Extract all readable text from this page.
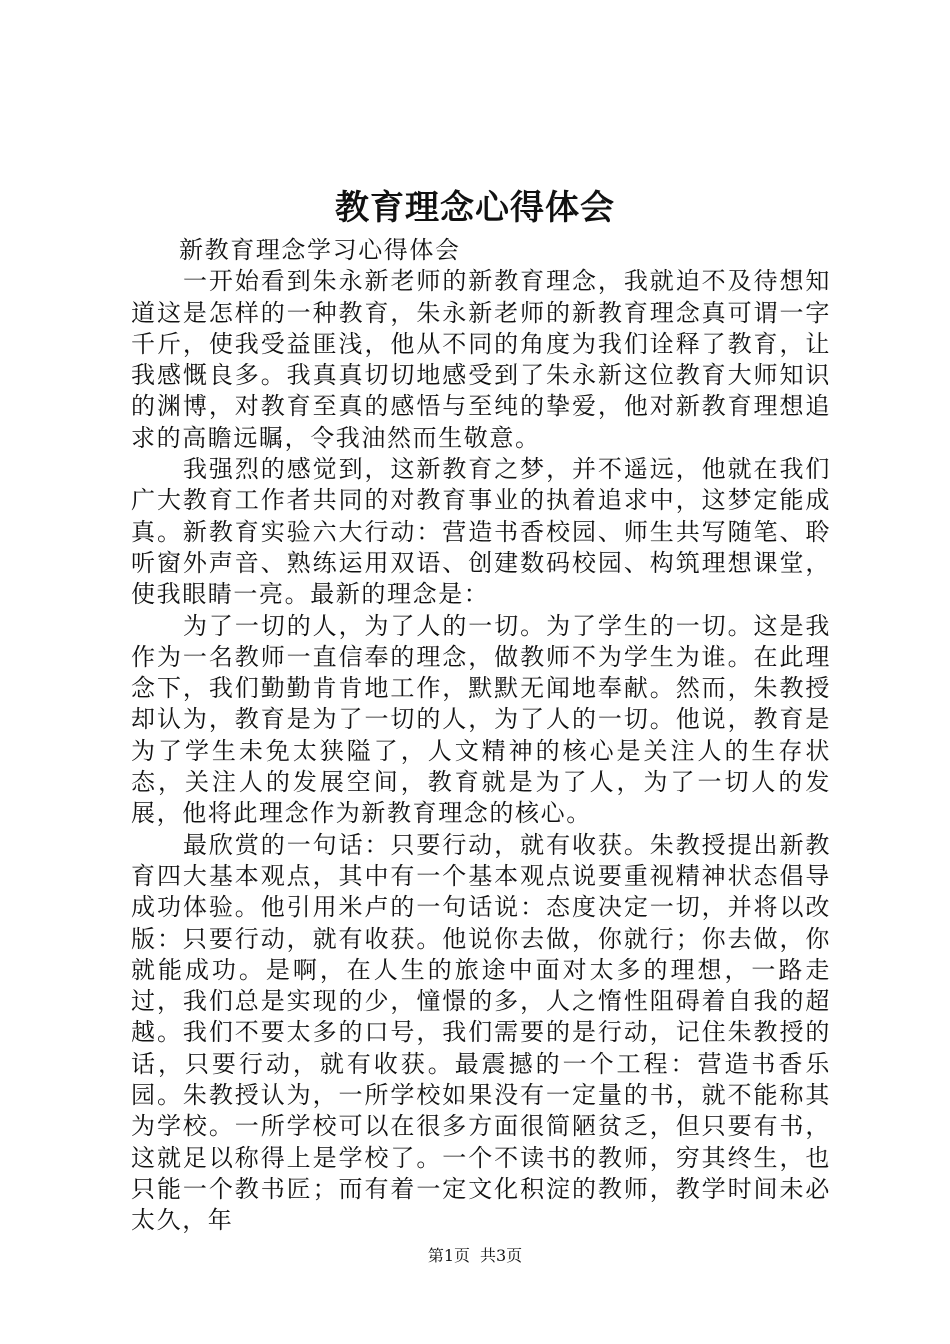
教育理念心得体会

新教育理念学习心得体会

一开始看到朱永新老师的新教育理念，我就迫不及待想知道这是怎样的一种教育，朱永新老师的新教育理念真可谓一字千斤，使我受益匪浅，他从不同的角度为我们诠释了教育，让我感慨良多。我真真切切地感受到了朱永新这位教育大师知识的渊博，对教育至真的感悟与至纯的挚爱，他对新教育理想追求的高瞻远瞩，令我油然而生敬意。

我强烈的感觉到，这新教育之梦，并不遥远，他就在我们广大教育工作者共同的对教育事业的执着追求中，这梦定能成真。新教育实验六大行动：营造书香校园、师生共写随笔、聆听窗外声音、熟练运用双语、创建数码校园、构筑理想课堂，使我眼睛一亮。最新的理念是：

为了一切的人，为了人的一切。为了学生的一切。这是我作为一名教师一直信奉的理念，做教师不为学生为谁。在此理念下，我们勤勤肯肯地工作，默默无闻地奉献。然而，朱教授却认为，教育是为了一切的人，为了人的一切。他说，教育是为了学生未免太狭隘了，人文精神的核心是关注人的生存状态，关注人的发展空间，教育就是为了人，为了一切人的发展，他将此理念作为新教育理念的核心。

最欣赏的一句话：只要行动，就有收获。朱教授提出新教育四大基本观点，其中有一个基本观点说要重视精神状态倡导成功体验。他引用米卢的一句话说：态度决定一切，并将以改版：只要行动，就有收获。他说你去做，你就行；你去做，你就能成功。是啊，在人生的旅途中面对太多的理想，一路走过，我们总是实现的少，憧憬的多，人之惰性阻碍着自我的超越。我们不要太多的口号，我们需要的是行动，记住朱教授的话，只要行动，就有收获。最震撼的一个工程：营造书香乐园。朱教授认为，一所学校如果没有一定量的书，就不能称其为学校。一所学校可以在很多方面很简陋贫乏，但只要有书，这就足以称得上是学校了。一个不读书的教师，穷其终生，也只能一个教书匠；而有着一定文化积淀的教师，教学时间未必太久，年

第1页 共3页
